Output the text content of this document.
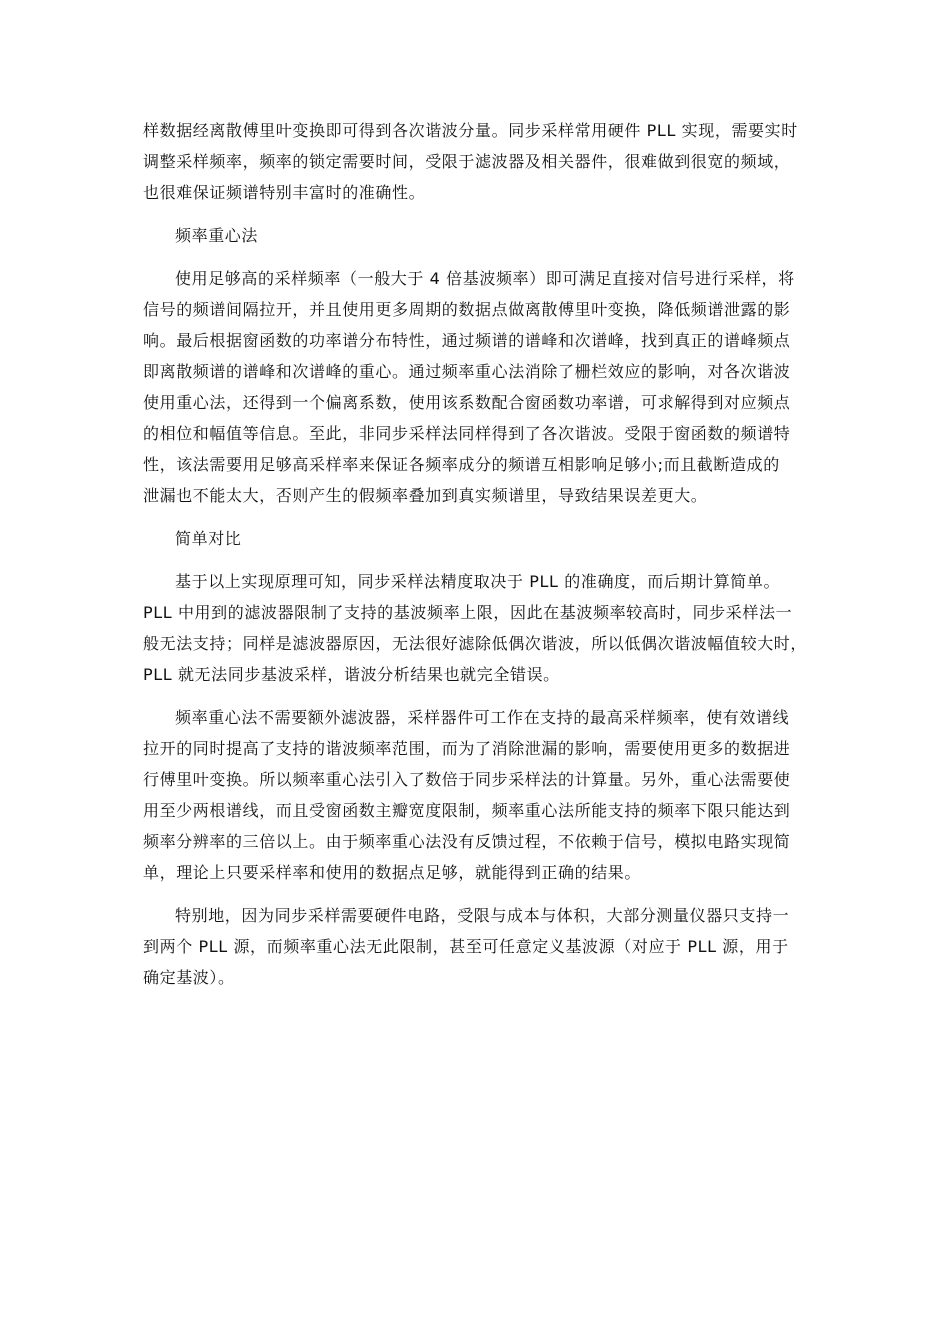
样数据经离散傅里叶变换即可得到各次谐波分量。同步采样常用硬件 PLL 实现，需要实时
调整采样频率，频率的锁定需要时间，受限于滤波器及相关器件，很难做到很宽的频域，
也很难保证频谱特别丰富时的准确性。
频率重心法
使用足够高的采样频率（一般大于 4 倍基波频率）即可满足直接对信号进行采样，将
信号的频谱间隔拉开，并且使用更多周期的数据点做离散傅里叶变换，降低频谱泄露的影
响。最后根据窗函数的功率谱分布特性，通过频谱的谱峰和次谱峰，找到真正的谱峰频点
即离散频谱的谱峰和次谱峰的重心。通过频率重心法消除了栅栏效应的影响，对各次谐波
使用重心法，还得到一个偏离系数，使用该系数配合窗函数功率谱，可求解得到对应频点
的相位和幅值等信息。至此，非同步采样法同样得到了各次谐波。受限于窗函数的频谱特
性，该法需要用足够高采样率来保证各频率成分的频谱互相影响足够小;而且截断造成的
泄漏也不能太大，否则产生的假频率叠加到真实频谱里，导致结果误差更大。
简单对比
基于以上实现原理可知，同步采样法精度取决于 PLL 的准确度，而后期计算简单。
PLL 中用到的滤波器限制了支持的基波频率上限，因此在基波频率较高时，同步采样法一
般无法支持；同样是滤波器原因，无法很好滤除低偶次谐波，所以低偶次谐波幅值较大时，
PLL 就无法同步基波采样，谐波分析结果也就完全错误。
频率重心法不需要额外滤波器，采样器件可工作在支持的最高采样频率，使有效谱线
拉开的同时提高了支持的谐波频率范围，而为了消除泄漏的影响，需要使用更多的数据进
行傅里叶变换。所以频率重心法引入了数倍于同步采样法的计算量。另外，重心法需要使
用至少两根谱线，而且受窗函数主瓣宽度限制，频率重心法所能支持的频率下限只能达到
频率分辨率的三倍以上。由于频率重心法没有反馈过程，不依赖于信号，模拟电路实现简
单，理论上只要采样率和使用的数据点足够，就能得到正确的结果。
特别地，因为同步采样需要硬件电路，受限与成本与体积，大部分测量仪器只支持一
到两个 PLL 源，而频率重心法无此限制，甚至可任意定义基波源（对应于 PLL 源，用于
确定基波）。
